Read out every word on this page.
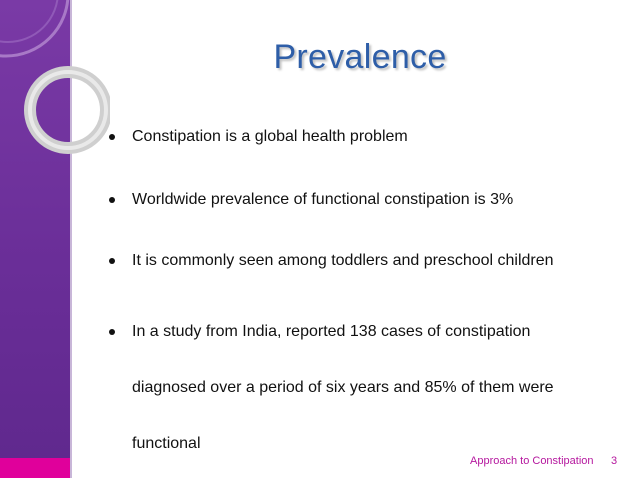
Prevalence
Constipation is a global health problem
Worldwide prevalence of functional constipation is 3%
It is commonly seen among toddlers and preschool children
In a study from India, reported 138 cases of constipation diagnosed over a period of six years and 85% of them were functional
Approach to Constipation 3
